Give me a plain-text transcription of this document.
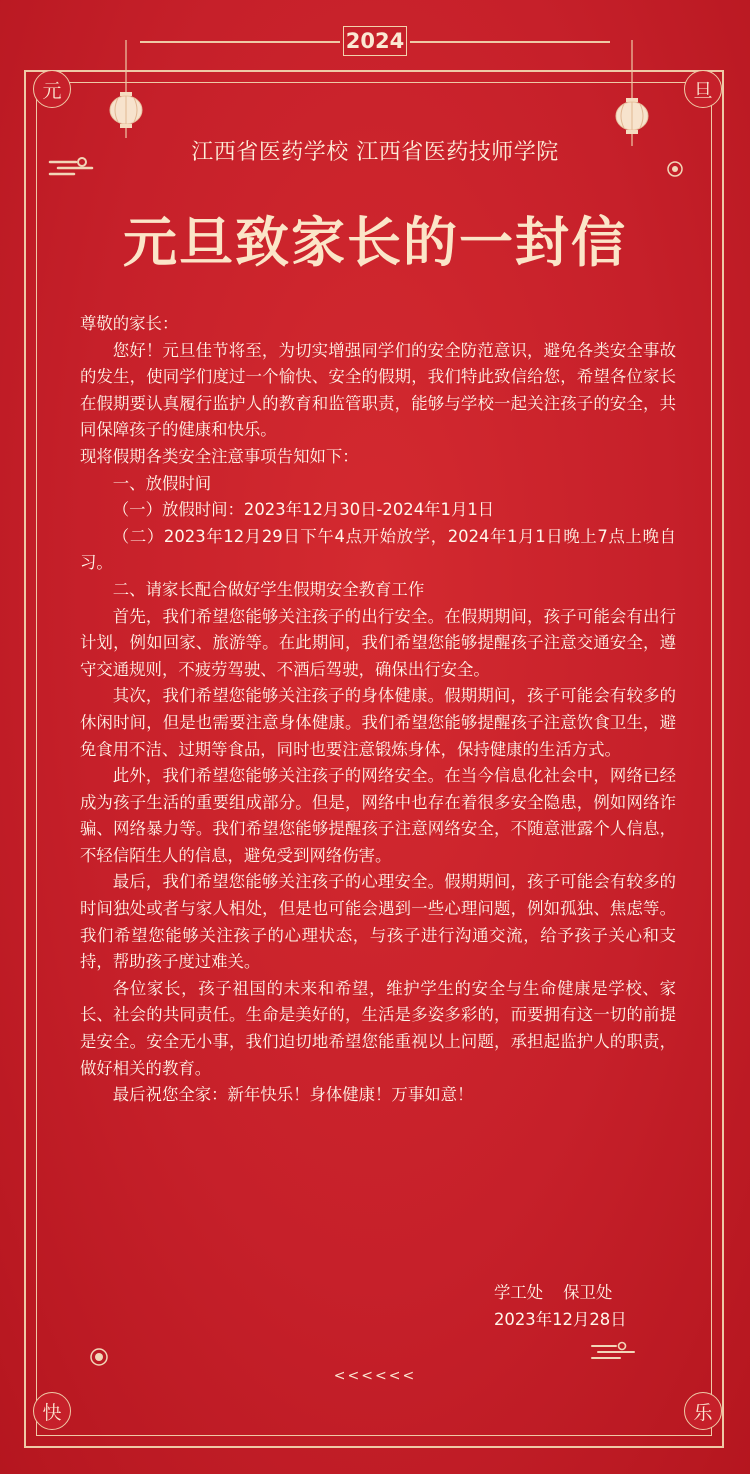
2024
元	旦
快	乐
江西省医药学校 江西省医药技师学院
元旦致家长的一封信

尊敬的家长：

您好！元旦佳节将至，为切实增强同学们的安全防范意识，避免各类安全事故的发生，使同学们度过一个愉快、安全的假期，我们特此致信给您，希望各位家长在假期要认真履行监护人的教育和监管职责，能够与学校一起关注孩子的安全，共同保障孩子的健康和快乐。

现将假期各类安全注意事项告知如下：

一、放假时间

（一）放假时间：2023年12月30日-2024年1月1日

（二）2023年12月29日下午4点开始放学，2024年1月1日晚上7点上晚自习。

二、请家长配合做好学生假期安全教育工作

首先，我们希望您能够关注孩子的出行安全。在假期期间，孩子可能会有出行计划，例如回家、旅游等。在此期间，我们希望您能够提醒孩子注意交通安全，遵守交通规则，不疲劳驾驶、不酒后驾驶，确保出行安全。

其次，我们希望您能够关注孩子的身体健康。假期期间，孩子可能会有较多的休闲时间，但是也需要注意身体健康。我们希望您能够提醒孩子注意饮食卫生，避免食用不洁、过期等食品，同时也要注意锻炼身体，保持健康的生活方式。

此外，我们希望您能够关注孩子的网络安全。在当今信息化社会中，网络已经成为孩子生活的重要组成部分。但是，网络中也存在着很多安全隐患，例如网络诈骗、网络暴力等。我们希望您能够提醒孩子注意网络安全，不随意泄露个人信息，不轻信陌生人的信息，避免受到网络伤害。

最后，我们希望您能够关注孩子的心理安全。假期期间，孩子可能会有较多的时间独处或者与家人相处，但是也可能会遇到一些心理问题，例如孤独、焦虑等。我们希望您能够关注孩子的心理状态，与孩子进行沟通交流，给予孩子关心和支持，帮助孩子度过难关。

各位家长，孩子祖国的未来和希望，维护学生的安全与生命健康是学校、家长、社会的共同责任。生命是美好的，生活是多姿多彩的，而要拥有这一切的前提是安全。安全无小事，我们迫切地希望您能重视以上问题，承担起监护人的职责，做好相关的教育。

最后祝您全家：新年快乐！身体健康！万事如意！

学工处 保卫处
2023年12月28日
<<<<<<
